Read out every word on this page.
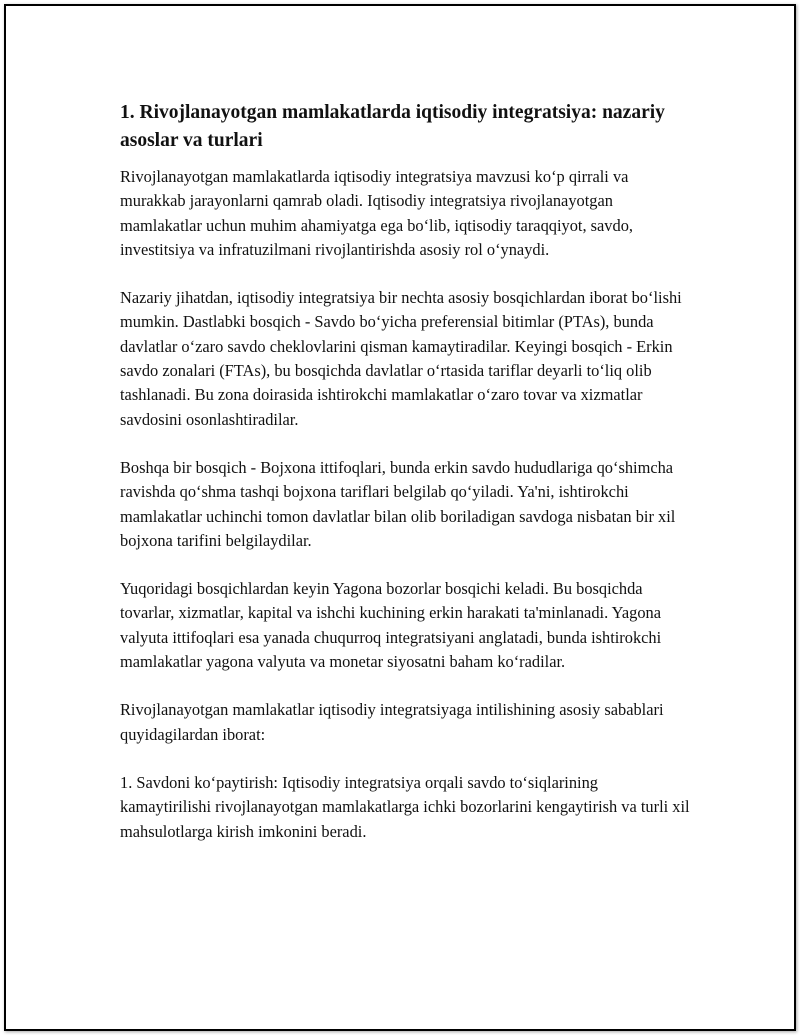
1. Rivojlanayotgan mamlakatlarda iqtisodiy integratsiya: nazariy asoslar va turlari

Rivojlanayotgan mamlakatlarda iqtisodiy integratsiya mavzusi ko‘p qirrali va murakkab jarayonlarni qamrab oladi. Iqtisodiy integratsiya rivojlanayotgan mamlakatlar uchun muhim ahamiyatga ega bo‘lib, iqtisodiy taraqqiyot, savdo, investitsiya va infratuzilmani rivojlantirishda asosiy rol o‘ynaydi.

Nazariy jihatdan, iqtisodiy integratsiya bir nechta asosiy bosqichlardan iborat bo‘lishi mumkin. Dastlabki bosqich - Savdo bo‘yicha preferensial bitimlar (PTAs), bunda davlatlar o‘zaro savdo cheklovlarini qisman kamaytiradilar. Keyingi bosqich - Erkin savdo zonalari (FTAs), bu bosqichda davlatlar o‘rtasida tariflar deyarli to‘liq olib tashlanadi. Bu zona doirasida ishtirokchi mamlakatlar o‘zaro tovar va xizmatlar savdosini osonlashtiradilar.

Boshqa bir bosqich - Bojxona ittifoqlari, bunda erkin savdo hududlariga qo‘shimcha ravishda qo‘shma tashqi bojxona tariflari belgilab qo‘yiladi. Ya'ni, ishtirokchi mamlakatlar uchinchi tomon davlatlar bilan olib boriladigan savdoga nisbatan bir xil bojxona tarifini belgilaydilar.

Yuqoridagi bosqichlardan keyin Yagona bozorlar bosqichi keladi. Bu bosqichda tovarlar, xizmatlar, kapital va ishchi kuchining erkin harakati ta'minlanadi. Yagona valyuta ittifoqlari esa yanada chuqurroq integratsiyani anglatadi, bunda ishtirokchi mamlakatlar yagona valyuta va monetar siyosatni baham ko‘radilar.

Rivojlanayotgan mamlakatlar iqtisodiy integratsiyaga intilishining asosiy sabablari quyidagilardan iborat:

1. Savdoni ko‘paytirish: Iqtisodiy integratsiya orqali savdo to‘siqlarining kamaytirilishi rivojlanayotgan mamlakatlarga ichki bozorlarini kengaytirish va turli xil mahsulotlarga kirish imkonini beradi.
